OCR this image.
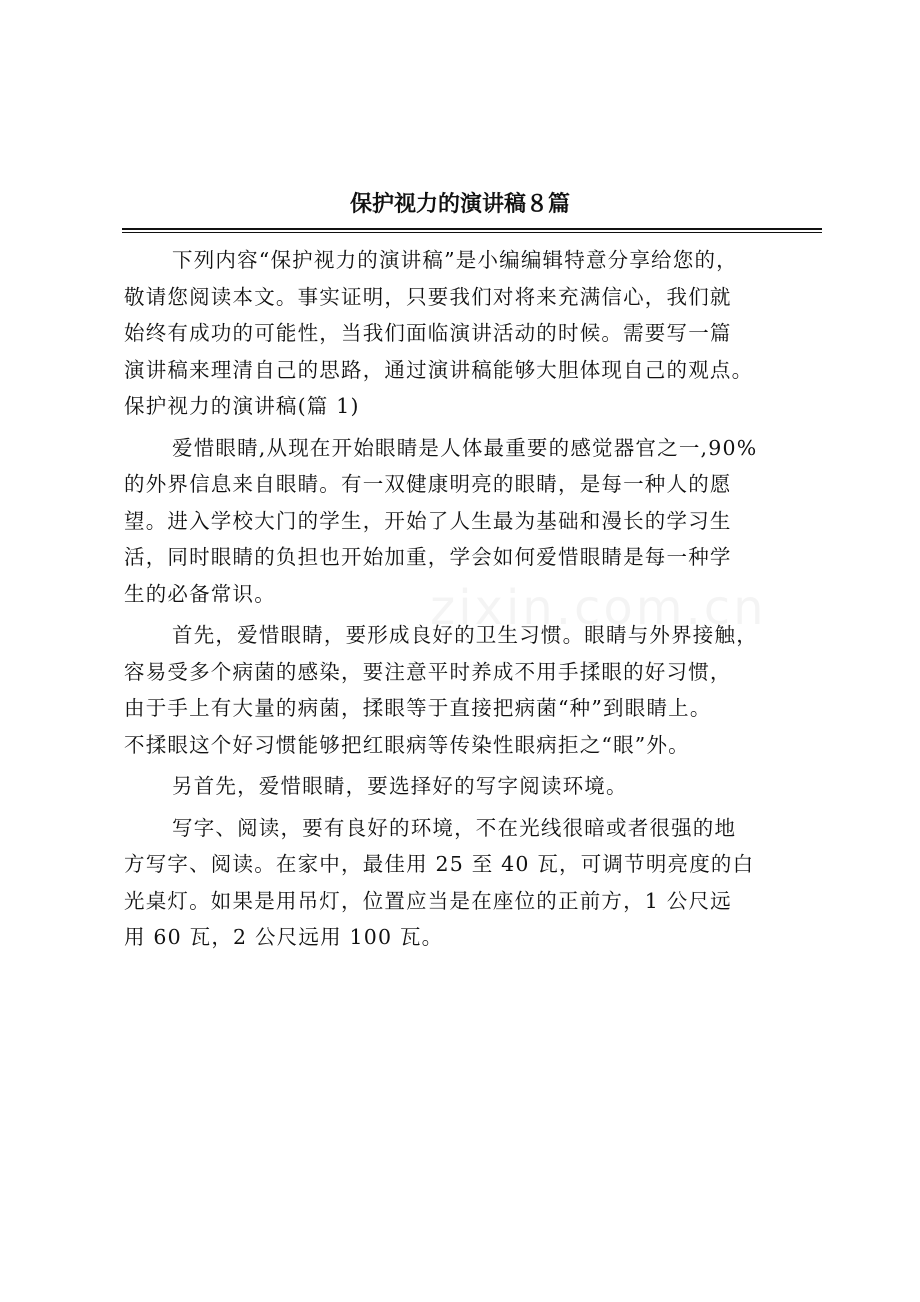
保护视力的演讲稿８篇
下列内容“保护视力的演讲稿”是小编编辑特意分享给您的，
敬请您阅读本文。事实证明，只要我们对将来充满信心，我们就
始终有成功的可能性，当我们面临演讲活动的时候。需要写一篇
演讲稿来理清自己的思路，通过演讲稿能够大胆体现自己的观点。
保护视力的演讲稿(篇 1)
爱惜眼睛,从现在开始眼睛是人体最重要的感觉器官之一,90%
的外界信息来自眼睛。有一双健康明亮的眼睛，是每一种人的愿
望。进入学校大门的学生，开始了人生最为基础和漫长的学习生
活，同时眼睛的负担也开始加重，学会如何爱惜眼睛是每一种学
生的必备常识。
首先，爱惜眼睛，要形成良好的卫生习惯。眼睛与外界接触，
容易受多个病菌的感染，要注意平时养成不用手揉眼的好习惯，
由于手上有大量的病菌，揉眼等于直接把病菌“种”到眼睛上。
不揉眼这个好习惯能够把红眼病等传染性眼病拒之“眼”外。
另首先，爱惜眼睛，要选择好的写字阅读环境。
写字、阅读，要有良好的环境，不在光线很暗或者很强的地
方写字、阅读。在家中，最佳用 25 至 40 瓦，可调节明亮度的白
光桌灯。如果是用吊灯，位置应当是在座位的正前方，1 公尺远
用 60 瓦，2 公尺远用 100 瓦。
